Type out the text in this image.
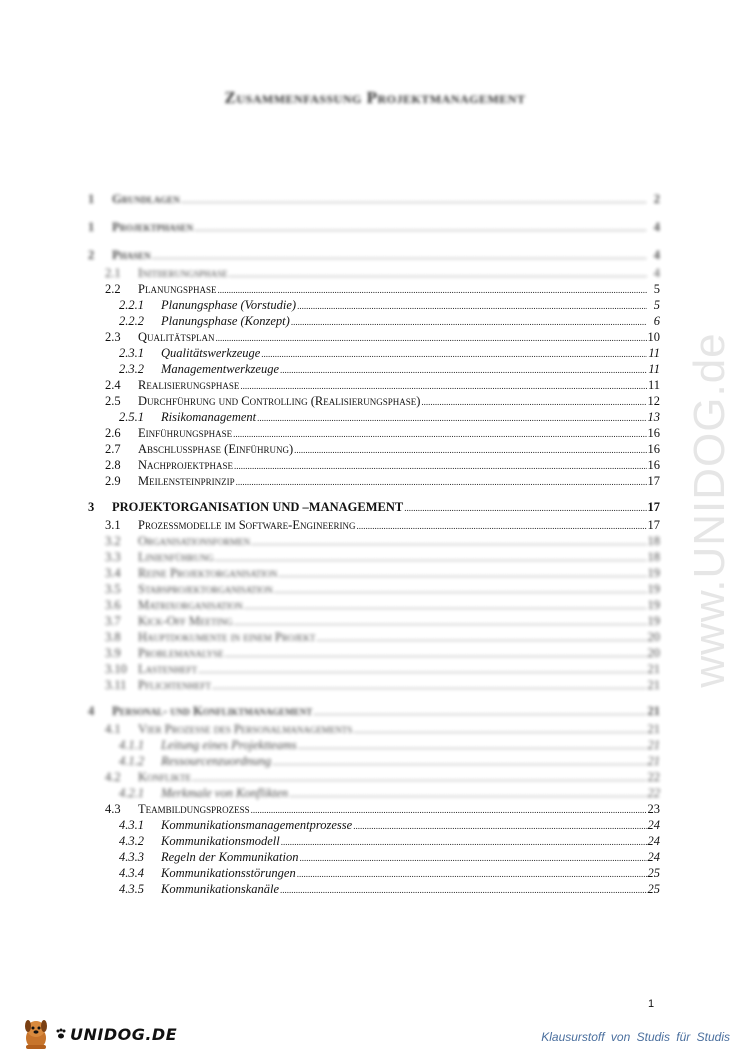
Zusammenfassung Projektmanagement
1	Grundlagen .....	2
1	Projektphasen .....	4
2	Phasen .....	4
2.1	Initiierungsphase .....	4
2.2	Planungsphase .....	5
2.2.1	Planungsphase (Vorstudie) .....	5
2.2.2	Planungsphase (Konzept) .....	6
2.3	Qualitätsplan .....	10
2.3.1	Qualitätswerkzeuge .....	11
2.3.2	Managementwerkzeuge .....	11
2.4	Realisierungsphase .....	11
2.5	Durchführung und Controlling (Realisierungsphase) .....	12
2.5.1	Risikomanagement .....	13
2.6	Einführungsphase .....	16
2.7	Abschlussphase (Einführung) .....	16
2.8	Nachprojektphase .....	16
2.9	Meilensteinprinzip .....	17
3	PROJEKTORGANISATION UND –MANAGEMENT .....	17
3.1	Prozessmodelle im Software-Engineering .....	17
3.2	Organisationsformen .....	18
3.3	Linienführung .....	18
3.4	Reine Projektorganisation .....	19
3.5	Stabsprojektorganisation .....	19
3.6	Matrixorganisation .....	19
3.7	Kick-Off Meeting .....	19
3.8	Hauptdokumente in einem Projekt .....	20
3.9	Problemanalyse .....	20
3.10 Lastenheft .....	21
3.11 Pflichtenheft .....	21
4	Personal- und Konfliktmanagement .....	21
4.1	Vier Prozesse des Personalmanagements .....	21
4.1.1	Leitung eines Projektteams .....	21
4.1.2	Ressourcenzuordnung .....	21
4.2	Konflikte .....	22
4.2.1	Merkmale von Konflikten .....	22
4.3	Teambildungsprozess .....	23
4.3.1	Kommunikationsmanagementprozesse .....	24
4.3.2	Kommunikationsmodell .....	24
4.3.3	Regeln der Kommunikation .....	24
4.3.4	Kommunikationsstörungen .....	25
4.3.5	Kommunikationskanäle .....	25
www.UNIDOG.de
1
UNIDOG.DE	Klausurstoff von Studis für Studis
